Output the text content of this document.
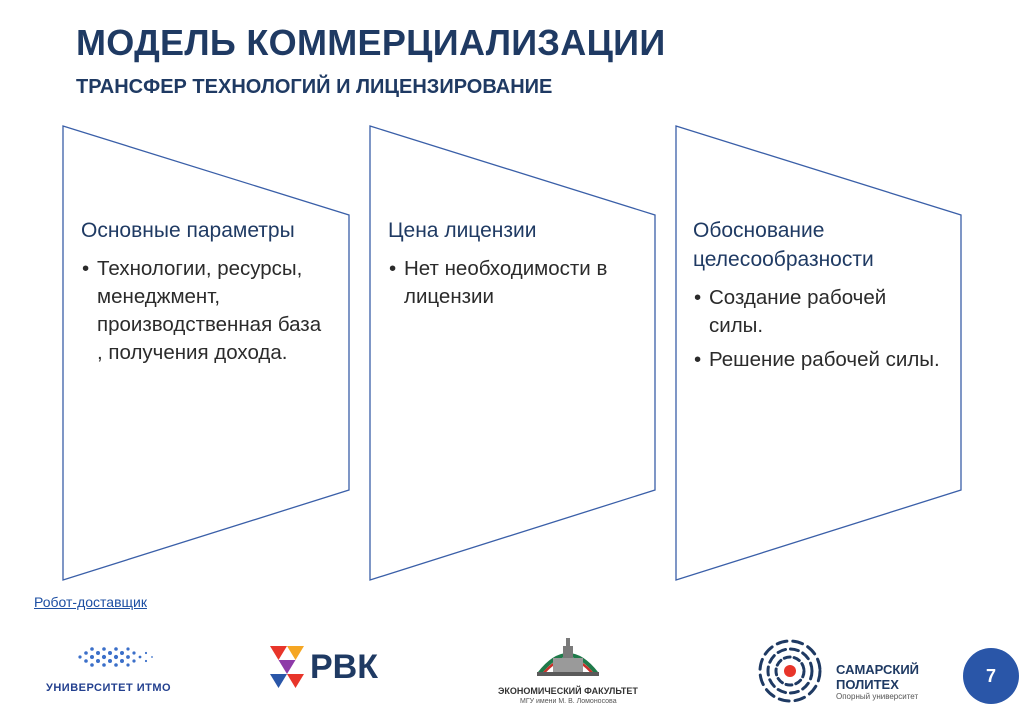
МОДЕЛЬ КОММЕРЦИАЛИЗАЦИИ
ТРАНСФЕР ТЕХНОЛОГИЙ И ЛИЦЕНЗИРОВАНИЕ
Основные параметры
• Технологии, ресурсы, менеджмент, производственная база , получения дохода.
Цена лицензии
• Нет необходимости в лицензии
Обоснование целесообразности
• Создание рабочей силы.
• Решение рабочей силы.
Робот-доставщик
УНИВЕРСИТЕТ ИТМО
РВК
ЭКОНОМИЧЕСКИЙ ФАКУЛЬТЕТ
МГУ имени М. В. Ломоносова
САМАРСКИЙ
ПОЛИТЕХ
Опорный университет
7
